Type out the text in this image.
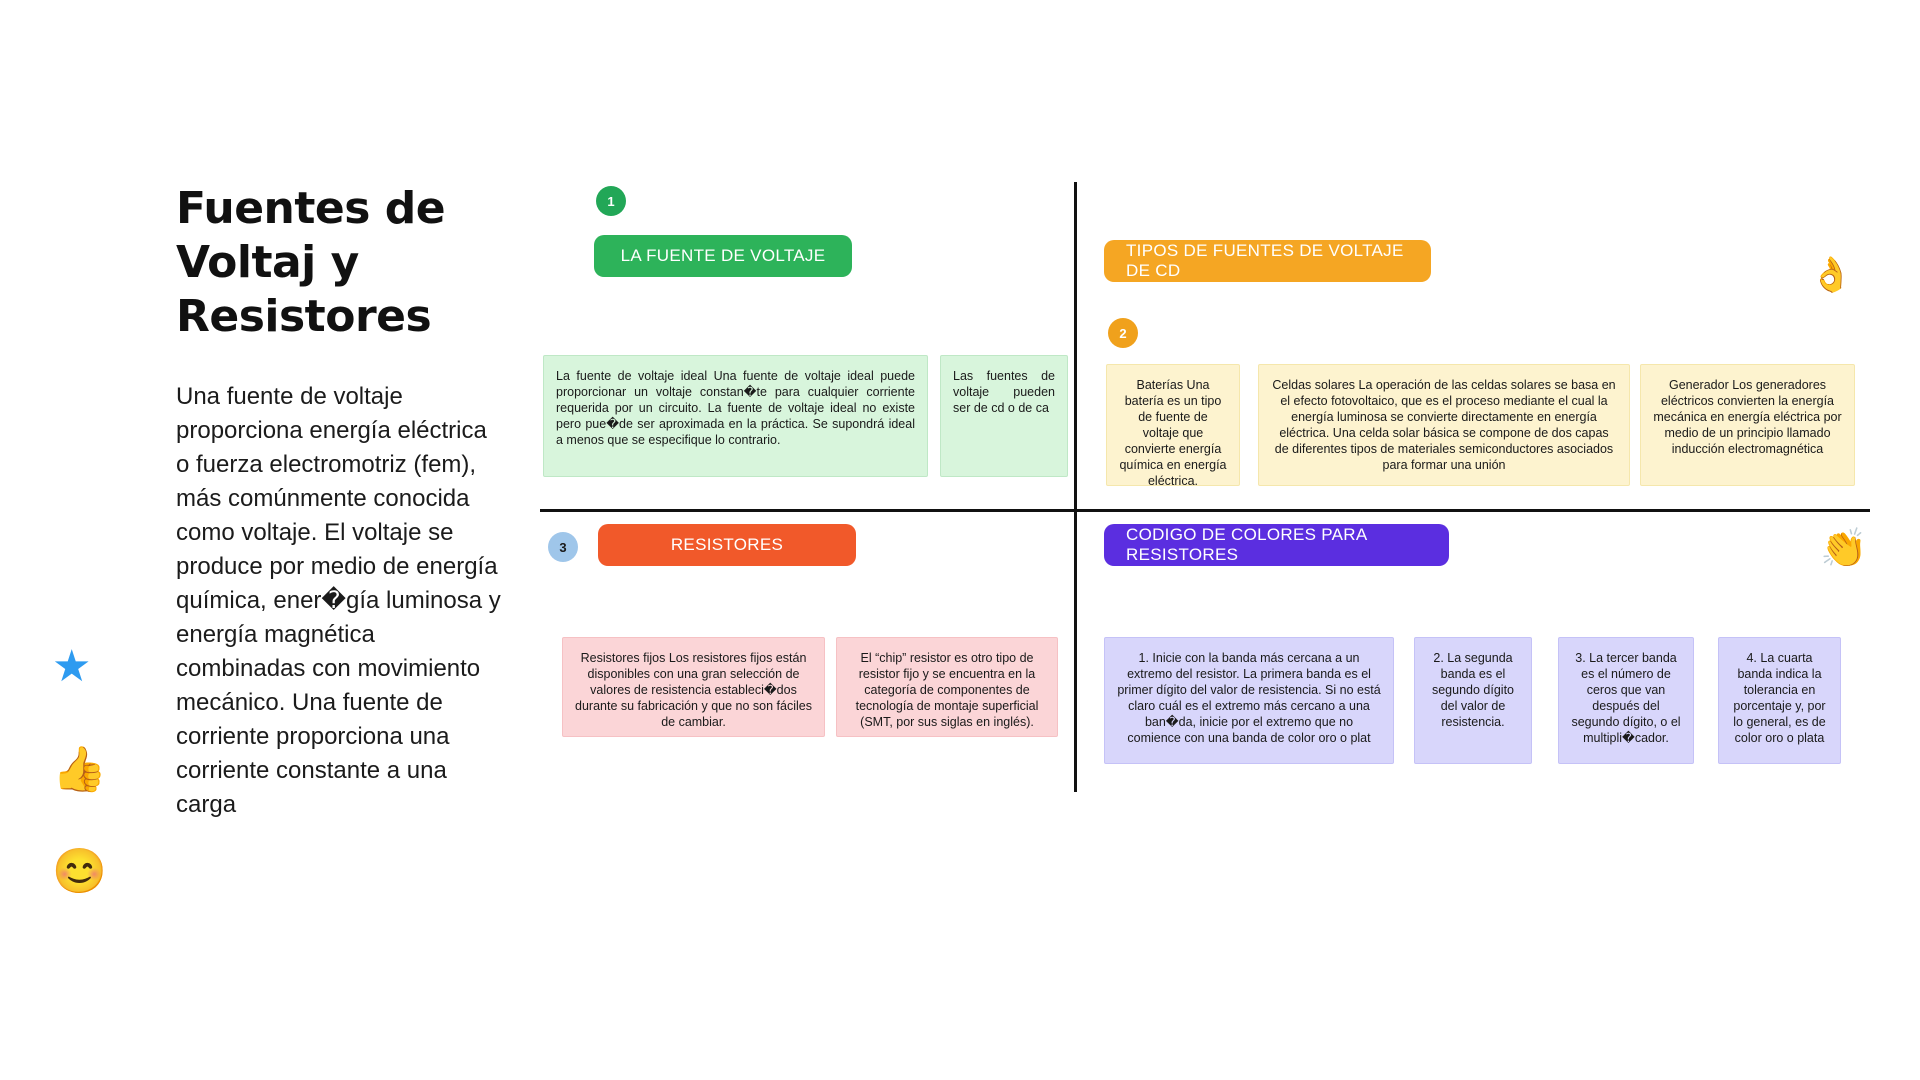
Fuentes de Voltaj y Resistores

Una fuente de voltaje proporciona energía eléctrica o fuerza electromotriz (fem), más comúnmente conocida como voltaje. El voltaje se produce por medio de energía química, ener�gía luminosa y energía magnética combinadas con movimiento mecánico. Una fuente de corriente proporciona una corriente constante a una carga

★
👍
😊
👌
👏
1
2
3
LA FUENTE DE VOLTAJE
La fuente de voltaje ideal Una fuente de voltaje ideal puede proporcionar un voltaje constan�te para cualquier corriente requerida por un circuito. La fuente de voltaje ideal no existe pero pue�de ser aproximada en la práctica. Se supondrá ideal a menos que se especifique lo contrario.
Las fuentes de voltaje pueden ser de cd o de ca
TIPOS DE FUENTES DE VOLTAJE DE CD
Baterías Una batería es un tipo de fuente de voltaje que convierte energía química en energía eléctrica.
Celdas solares La operación de las celdas solares se basa en el efecto fotovoltaico, que es el proceso mediante el cual la energía luminosa se convierte directamente en energía eléctrica. Una celda solar básica se compone de dos capas de diferentes tipos de materiales semiconductores asociados para formar una unión
Generador Los generadores eléctricos convierten la energía mecánica en energía eléctrica por medio de un principio llamado inducción electromagnética
RESISTORES
Resistores fijos Los resistores fijos están disponibles con una gran selección de valores de resistencia estableci�dos durante su fabricación y que no son fáciles de cambiar.
El “chip” resistor es otro tipo de resistor fijo y se encuentra en la categoría de componentes de tecnología de montaje superficial (SMT, por sus siglas en inglés).
CODIGO DE COLORES PARA RESISTORES
1. Inicie con la banda más cercana a un extremo del resistor. La primera banda es el primer dígito del valor de resistencia. Si no está claro cuál es el extremo más cercano a una ban�da, inicie por el extremo que no comience con una banda de color oro o plat
2. La segunda banda es el segundo dígito del valor de resistencia.
3. La tercer banda es el número de ceros que van después del segundo dígito, o el multipli�cador.
4. La cuarta banda indica la tolerancia en porcentaje y, por lo general, es de color oro o plata
